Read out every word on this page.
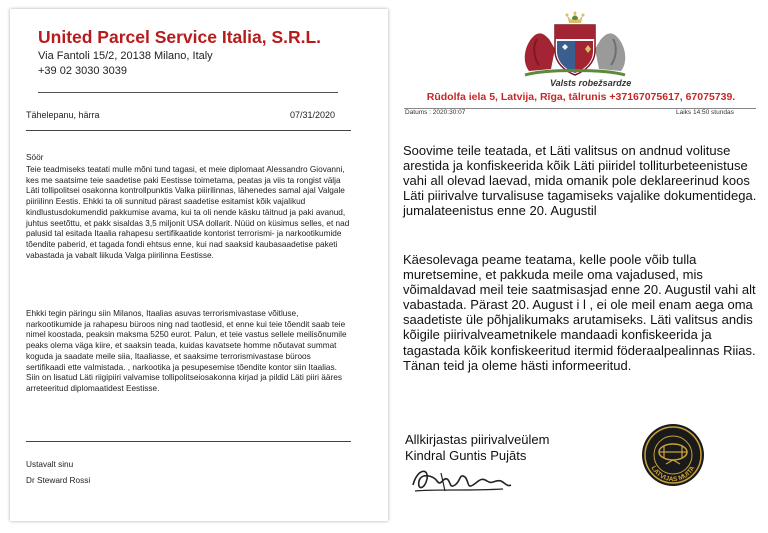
United Parcel Service Italia, S.R.L.
Via Fantoli 15/2, 20138 Milano, Italy
+39 02 3030 3039
Tähelepanu, härra	07/31/2020

Söör

Teie teadmiseks teatati mulle mõni tund tagasi, et meie diplomaat Alessandro Giovanni, kes me saatsime teie saadetise paki Eestisse toimetama, peatas ja viis ta rongist välja Läti tollipolitsei osakonna kontrollpunktis Valka piiirilinnas, lähenedes samal ajal Valgale piiriilinn Eestis. Ehkki ta oli sunnitud pärast saadetise esitamist kõik vajalikud kindlustusdokumendid pakkumise avama, kui ta oli nende käsku täitnud ja paki avanud, juhtus seetõttu, et pakk sisaldas 3,5 miljonit USA dollarit. Nüüd on küsimus selles, et nad palusid tal esitada Itaalia rahapesu sertifikaatide kontorist terrorismi- ja narkootikumide tõendite paberid, et tagada fondi ehtsus enne, kui nad saaksid kaubasaadetise paketi vabastada ja vabalt liikuda Valga piirilinna Eestisse.

Ehkki tegin päringu siin Milanos, Itaalias asuvas terrorismivastase võitluse, narkootikumide ja rahapesu büroos ning nad taotlesid, et enne kui teie tõendit saab teie nimel koostada, peaksin maksma 5250 eurot. Palun, et teie vastus sellele meilisõnumile peaks olema väga kiire, et saaksin teada, kuidas kavatsete homme nõutavat summat koguda ja saadate meile siia, Itaaliasse, et saaksime terrorismivastase büroos sertifikaadi ette valmistada. , narkootika ja pesupesemise tõendite kontor siin Itaalias. Siin on lisatud Läti riigipiiri valvamise tollipolitseiosakonna kirjad ja pildid Läti piiri ääres arreteeritud diplomaatidest Eestisse.

Ustavalt sinu
Dr Steward Rossi
Valsts robežsardze
Rūdolfa iela 5, Latvija, Rīga, tālrunis +37167075617, 67075739.
Datums : 2020:30:07	Laiks 14:50 stundas

Soovime teile teatada, et Läti valitsus on andnud volituse arestida ja konfiskeerida kõik Läti piiridel tolliturbeteenistuse vahi all olevad laevad, mida omanik pole deklareerinud koos Läti piirivalve turvalisuse tagamiseks vajalike dokumentidega. jumalateenistus enne 20. Augustil

Käesolevaga peame teatama, kelle poole võib tulla muretsemine, et pakkuda meile oma vajadused, mis võimaldavad meil teie saatmisasjad enne 20. Augustil vahi alt vabastada. Pärast 20. August i l , ei ole meil enam aega oma saadetiste üle põhjalikumaks arutamiseks. Läti valitsus andis kõigile piirivalveametnikele mandaadi konfiskeerida ja tagastada kõik konfiskeeritud itermid föderaalpealinnas Riias. Tänan teid ja oleme hästi informeeritud.

Allkirjastas piirivalveülem
Kindral Guntis Pujāts
LATVIJAS MUITA
